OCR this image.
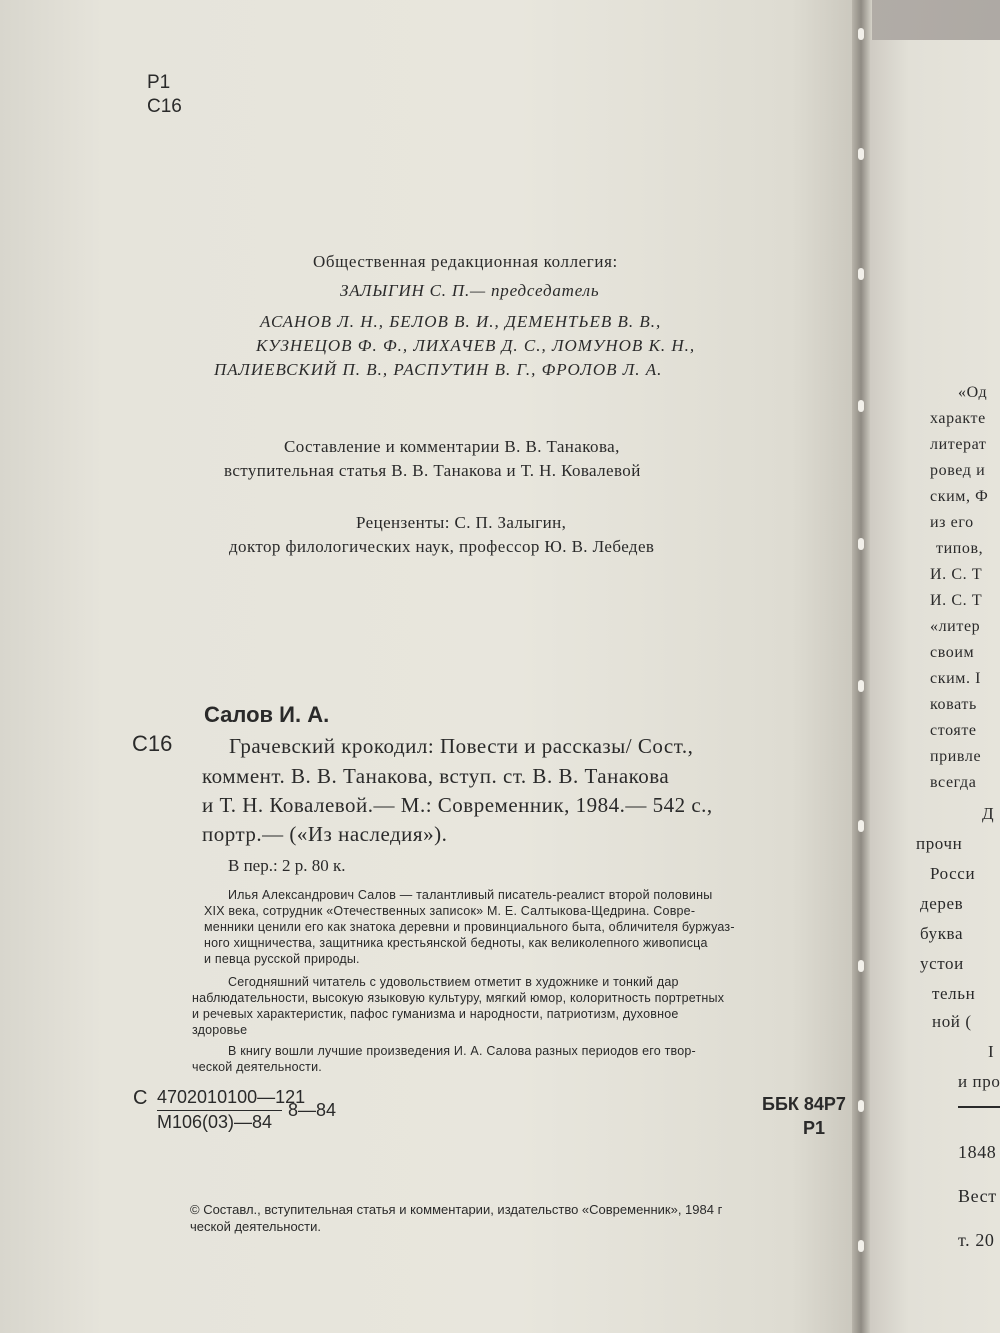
Р1
С16
Общественная редакционная коллегия:
ЗАЛЫГИН С. П.— председатель
АСАНОВ Л. Н., БЕЛОВ В. И., ДЕМЕНТЬЕВ В. В.,
КУЗНЕЦОВ Ф. Ф., ЛИХАЧЕВ Д. С., ЛОМУНОВ К. Н.,
ПАЛИЕВСКИЙ П. В., РАСПУТИН В. Г., ФРОЛОВ Л. А.
Составление и комментарии В. В. Танакова,
вступительная статья В. В. Танакова и Т. Н. Ковалевой
Рецензенты: С. П. Залыгин,
доктор филологических наук, профессор Ю. В. Лебедев
Салов И. А.
С16	Грачевский крокодил: Повести и рассказы/ Сост.,
коммент. В. В. Танакова, вступ. ст. В. В. Танакова
и Т. Н. Ковалевой.— М.: Современник, 1984.— 542 с.,
портр.— («Из наследия»).
В пер.: 2 р. 80 к.
Илья Александрович Салов — талантливый писатель-реалист второй половины
XIX века, сотрудник «Отечественных записок» М. Е. Салтыкова-Щедрина. Совре-
менники ценили его как знатока деревни и провинциального быта, обличителя буржуаз-
ного хищничества, защитника крестьянской бедноты, как великолепного живописца
и певца русской природы.
Сегодняшний читатель с удовольствием отметит в художнике и тонкий дар
наблюдательности, высокую языковую культуру, мягкий юмор, колоритность портретных
и речевых характеристик, пафос гуманизма и народности, патриотизм, духовное
здоровье
В книгу вошли лучшие произведения И. А. Салова разных периодов его твор-
ческой деятельности.
С 4702010100—121
М106(03)—84
8—84	ББК 84Р7
Р1
© Составл., вступительная статья и комментарии, издательство «Современник», 1984 г
ческой деятельности.
«Од
характе
литерат
ровед и
ским, Ф
из его
типов,
И. С. Т
И. С. Т
«литер
своим
ским. I
ковать
стояте
привле
всегда
Д
прочн
Росси
дерев
буква
устои
тельн
ной (
I
и про
1848
Вест
т. 20
